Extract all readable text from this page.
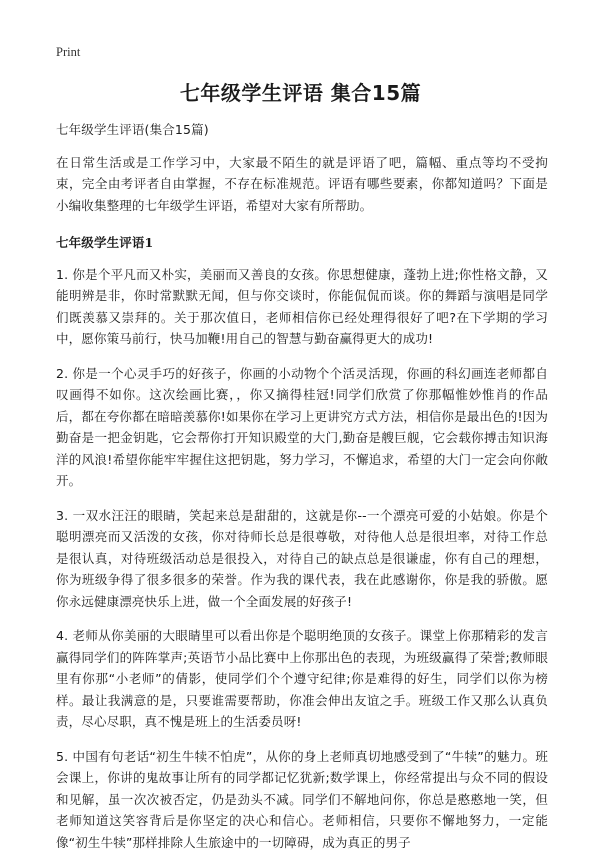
Print
七年级学生评语 集合15篇

七年级学生评语(集合15篇)

在日常生活或是工作学习中，大家最不陌生的就是评语了吧，篇幅、重点等均不受拘束，完全由考评者自由掌握，不存在标准规范。评语有哪些要素，你都知道吗？下面是小编收集整理的七年级学生评语，希望对大家有所帮助。

七年级学生评语1

1. 你是个平凡而又朴实，美丽而又善良的女孩。你思想健康，蓬勃上进;你性格文静，又能明辨是非，你时常默默无闻，但与你交谈时，你能侃侃而谈。你的舞蹈与演唱是同学们既羡慕又崇拜的。关于那次值日，老师相信你已经处理得很好了吧?在下学期的学习中，愿你策马前行，快马加鞭!用自己的智慧与勤奋赢得更大的成功!

2. 你是一个心灵手巧的好孩子，你画的小动物个个活灵活现，你画的科幻画连老师都自叹画得不如你。这次绘画比赛，，你又摘得桂冠!同学们欣赏了你那幅惟妙惟肖的作品后，都在夸你都在暗暗羡慕你!如果你在学习上更讲究方式方法，相信你是最出色的!因为勤奋是一把金钥匙，它会帮你打开知识殿堂的大门,勤奋是艘巨舰，它会载你搏击知识海洋的风浪!希望你能牢牢握住这把钥匙，努力学习，不懈追求，希望的大门一定会向你敞开。

3. 一双水汪汪的眼睛，笑起来总是甜甜的，这就是你--一个漂亮可爱的小姑娘。你是个聪明漂亮而又活泼的女孩，你对待师长总是很尊敬，对待他人总是很坦率，对待工作总是很认真，对待班级活动总是很投入，对待自己的缺点总是很谦虚，你有自己的理想，你为班级争得了很多很多的荣誉。作为我的课代表，我在此感谢你，你是我的骄傲。愿你永远健康漂亮快乐上进，做一个全面发展的好孩子!

4. 老师从你美丽的大眼睛里可以看出你是个聪明绝顶的女孩子。课堂上你那精彩的发言赢得同学们的阵阵掌声;英语节小品比赛中上你那出色的表现，为班级赢得了荣誉;教师眼里有你那“小老师”的倩影，使同学们个个遵守纪律;你是难得的好生，同学们以你为榜样。最让我满意的是，只要谁需要帮助，你准会伸出友谊之手。班级工作又那么认真负责，尽心尽职，真不愧是班上的生活委员呀!

5. 中国有句老话“初生牛犊不怕虎”，从你的身上老师真切地感受到了“牛犊”的魅力。班会课上，你讲的鬼故事让所有的同学都记忆犹新;数学课上，你经常提出与众不同的假设和见解，虽一次次被否定，仍是劲头不减。同学们不解地问你，你总是憨憨地一笑，但老师知道这笑容背后是你坚定的决心和信心。老师相信，只要你不懈地努力，一定能像“初生牛犊”那样排除人生旅途中的一切障碍，成为真正的男子
